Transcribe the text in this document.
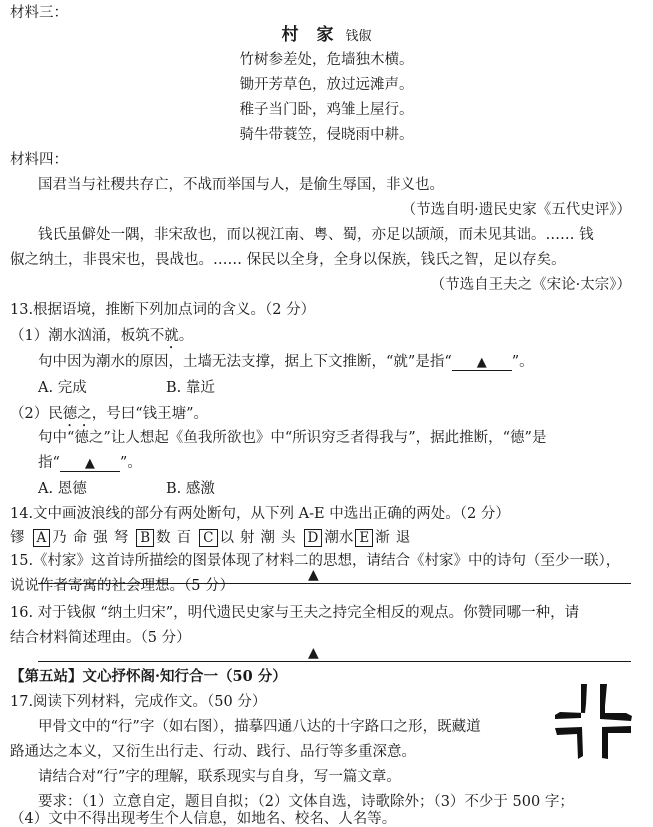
材料三：
村 家 钱俶
竹树参差处，危墙独木横。
锄开芳草色，放过远滩声。
稚子当门卧，鸡雏上屋行。
骑牛带蓑笠，侵晓雨中耕。
材料四：
国君当与社稷共存亡，不战而举国与人，是偷生辱国，非义也。
（节选自明·遗民史家《五代史评》）
钱氏虽僻处一隅，非宋敌也，而以视江南、粤、蜀，亦足以颉颃，而未见其诎。…… 钱
俶之纳土，非畏宋也，畏战也。…… 保民以全身，全身以保族，钱氏之智，足以存矣。
（节选自王夫之《宋论·太宗》）
13.根据语境，推断下列加点词的含义。（2 分）
（1）潮水汹涌，板筑不就。
句中因为潮水的原因，土墙无法支撑，据上下文推断，“就”是指“ ▲ ”。
A. 完成	B. 靠近
（2）民德之，号曰“钱王塘”。
句中“德之”让人想起《鱼我所欲也》中“所识穷乏者得我与”，据此推断，“德”是
指“ ▲ ”。
A. 恩德	B. 感激
14.文中画波浪线的部分有两处断句，从下列 A-E 中选出正确的两处。（2 分）
镠 A 乃命强弩 B 数百 C 以射潮头 D 潮水 E 渐退
15.《村家》这首诗所描绘的图景体现了材料二的思想，请结合《村家》中的诗句（至少一联），
说说作者寄寓的社会理想。（5 分）
▲
16. 对于钱俶 “纳土归宋”，明代遗民史家与王夫之持完全相反的观点。你赞同哪一种，请
结合材料简述理由。（5 分）
▲
【第五站】文心抒怀阁·知行合一（50 分）
17.阅读下列材料，完成作文。（50 分）
甲骨文中的“行”字（如右图），描摹四通八达的十字路口之形，既藏道
路通达之本义，又衍生出行走、行动、践行、品行等多重深意。
请结合对“行”字的理解，联系现实与自身，写一篇文章。
要求：（1）立意自定，题目自拟；（2）文体自选，诗歌除外；（3）不少于 500 字；
（4）文中不得出现考生个人信息，如地名、校名、人名等。
